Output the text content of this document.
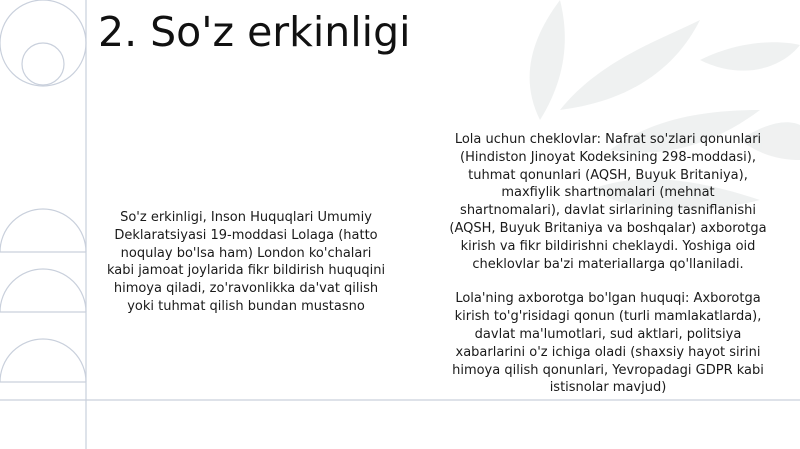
2. So'z erkinligi

So'z erkinligi, Inson Huquqlari Umumiy
Deklaratsiyasi 19-moddasi Lolaga (hatto
noqulay bo'lsa ham) London ko'chalari
kabi jamoat joylarida fikr bildirish huquqini
himoya qiladi, zo'ravonlikka da'vat qilish
yoki tuhmat qilish bundan mustasno

Lola uchun cheklovlar: Nafrat so'zlari qonunlari
(Hindiston Jinoyat Kodeksining 298-moddasi),
tuhmat qonunlari (AQSH, Buyuk Britaniya),
maxfiylik shartnomalari (mehnat
shartnomalari), davlat sirlarining tasniflanishi
(AQSH, Buyuk Britaniya va boshqalar) axborotga
kirish va fikr bildirishni cheklaydi. Yoshiga oid
cheklovlar ba'zi materiallarga qo'llaniladi.

Lola'ning axborotga bo'lgan huquqi: Axborotga
kirish to'g'risidagi qonun (turli mamlakatlarda),
davlat ma'lumotlari, sud aktlari, politsiya
xabarlarini o'z ichiga oladi (shaxsiy hayot sirini
himoya qilish qonunlari, Yevropadagi GDPR kabi
istisnolar mavjud)
